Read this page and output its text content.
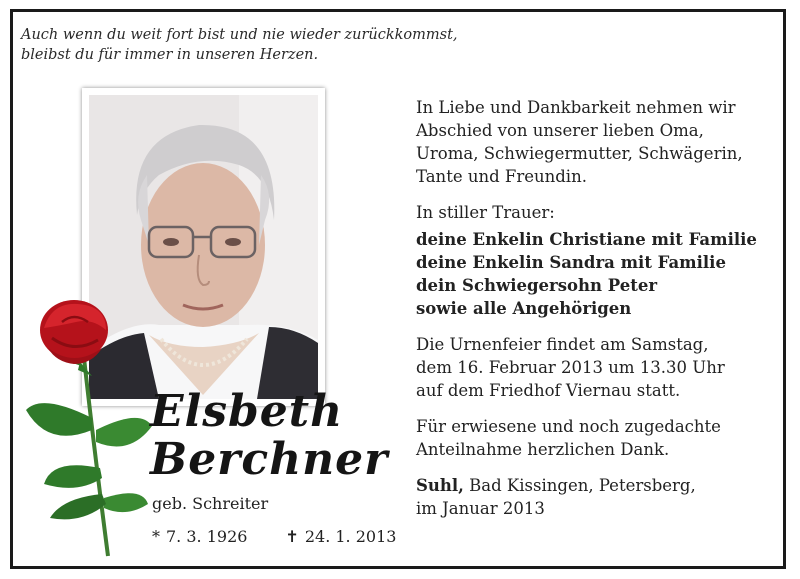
Auch wenn du weit fort bist und nie wieder zurückkommst,
bleibst du für immer in unseren Herzen.
Elsbeth
Berchner
geb. Schreiter
* 7. 3. 1926 ✝ 24. 1. 2013

In Liebe und Dankbarkeit nehmen wir
Abschied von unserer lieben Oma,
Uroma, Schwiegermutter, Schwägerin,
Tante und Freundin.

In stiller Trauer:

deine Enkelin Christiane mit Familie
deine Enkelin Sandra mit Familie
dein Schwiegersohn Peter
sowie alle Angehörigen

Die Urnenfeier findet am Samstag,
dem 16. Februar 2013 um 13.30 Uhr
auf dem Friedhof Viernau statt.

Für erwiesene und noch zugedachte
Anteilnahme herzlichen Dank.

Suhl, Bad Kissingen, Petersberg,
im Januar 2013
